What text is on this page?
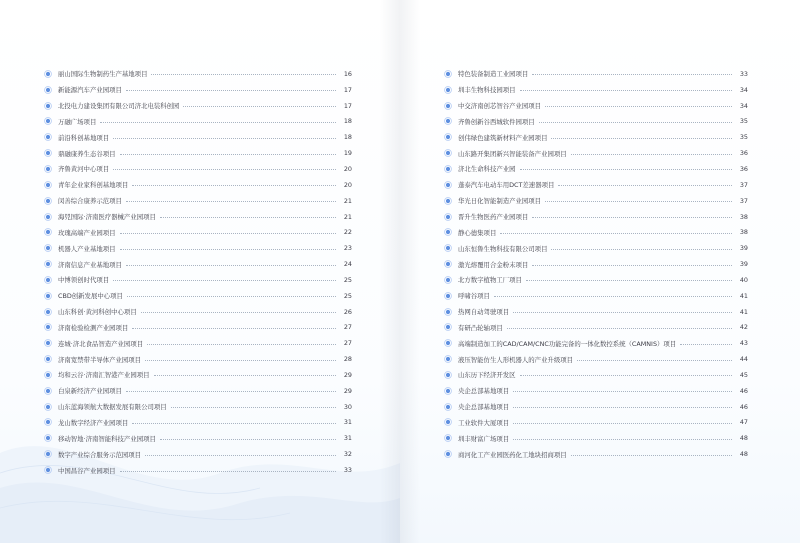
丽山国际生物制药生产基地项目	16
新能源汽车产业园项目	17
北投电力建设集团有限公司济北电装科创园	17
万融广场项目	18
前沿科创基地项目	18
鼎融康养生态谷项目	19
齐鲁黄河中心项目	20
青年企业家科创基地项目	20
闵善综合康养示范项目	21
海兕国际·济南医疗器械产业园项目	21
玫瑰高端产业园项目	22
机器人产业基地项目	23
济南信息产业基地项目	24
中博领创时代项目	25
CBD创新发展中心项目	25
山东科创·黄河科创中心项目	26
济南检验检测产业园项目	27
连城·济北食品智造产业园项目	27
济南宽禁带半导体产业园项目	28
均和云谷·济南汇智港产业园项目	29
白泉新经济产业园项目	29
山东蓝海领航大数据发展有限公司项目	30
龙山数字经济产业园项目	31
移动智地·济南智能科技产业园项目	31
数字产业综合服务示范园项目	32
中国昌谷产业园项目	33
特色装备制造工业园项目	33
圳丰生物科技园项目	34
中交济南创芯智谷产业园项目	34
齐鲁创新谷西城软件园项目	35
创伟绿色建筑新材料产业园项目	35
山东路开集团新兴智能装备产业园项目	36
济北生命科技产业园	36
蓬泰汽车电动车用DCT差速器项目	37
华光日化智能制造产业园项目	37
晋升生物医药产业园项目	38
静心德集项目	38
山东恒鲁生物科技有限公司项目	39
激光熔覆用合金粉末项目	39
北方数字植物工厂项目	40
呼啸谷项目	41
热网自动驾驶项目	41
有研凸轮轴项目	42
高端制造加工的CAD/CAM/CNC功能完备的一体化数控系统（CAMNIS）项目	43
液压智能仿生人形机器人的产业升级项目	44
山东历下经济开发区	45
央企总部基地项目	46
央企总部基地项目	46
工业软件大厦项目	47
圳丰财富广场项目	48
商河化工产业园医药化工地块招商项目	48
